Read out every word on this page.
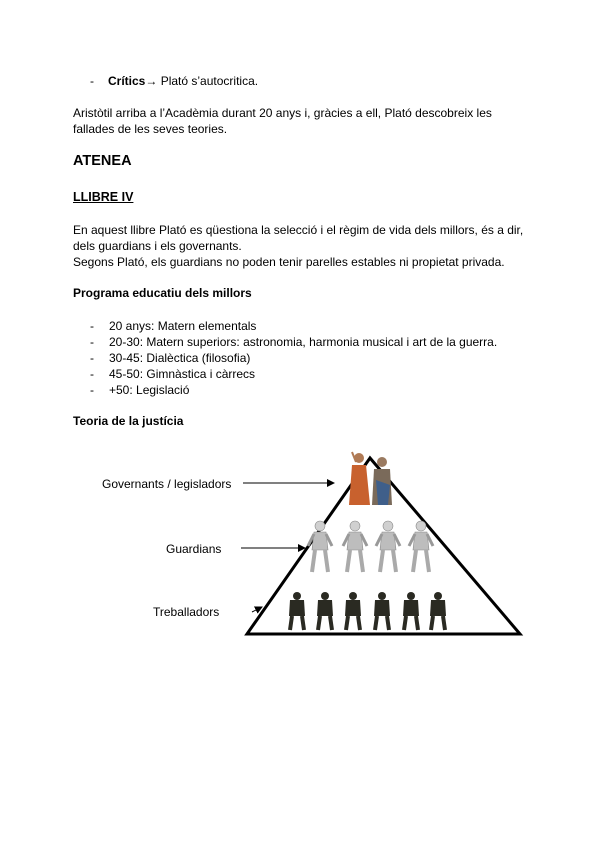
- Crítics→ Plató s’autocritica.
Aristòtil arriba a l’Acadèmia durant 20 anys i, gràcies a ell, Plató descobreix les
fallades de les seves teories.
ATENEA
LLIBRE IV
En aquest llibre Plató es qüestiona la selecció i el règim de vida dels millors, és a dir,
dels guardians i els governants.
Segons Plató, els guardians no poden tenir parelles estables ni propietat privada.
Programa educatiu dels millors
- 20 anys: Matern elementals
- 20-30: Matern superiors: astronomia, harmonia musical i art de la guerra.
- 30-45: Dialèctica (filosofia)
- 45-50: Gimnàstica i càrrecs
- +50: Legislació
Teoria de la justícia
Governants / legisladors
Guardians
Treballadors
